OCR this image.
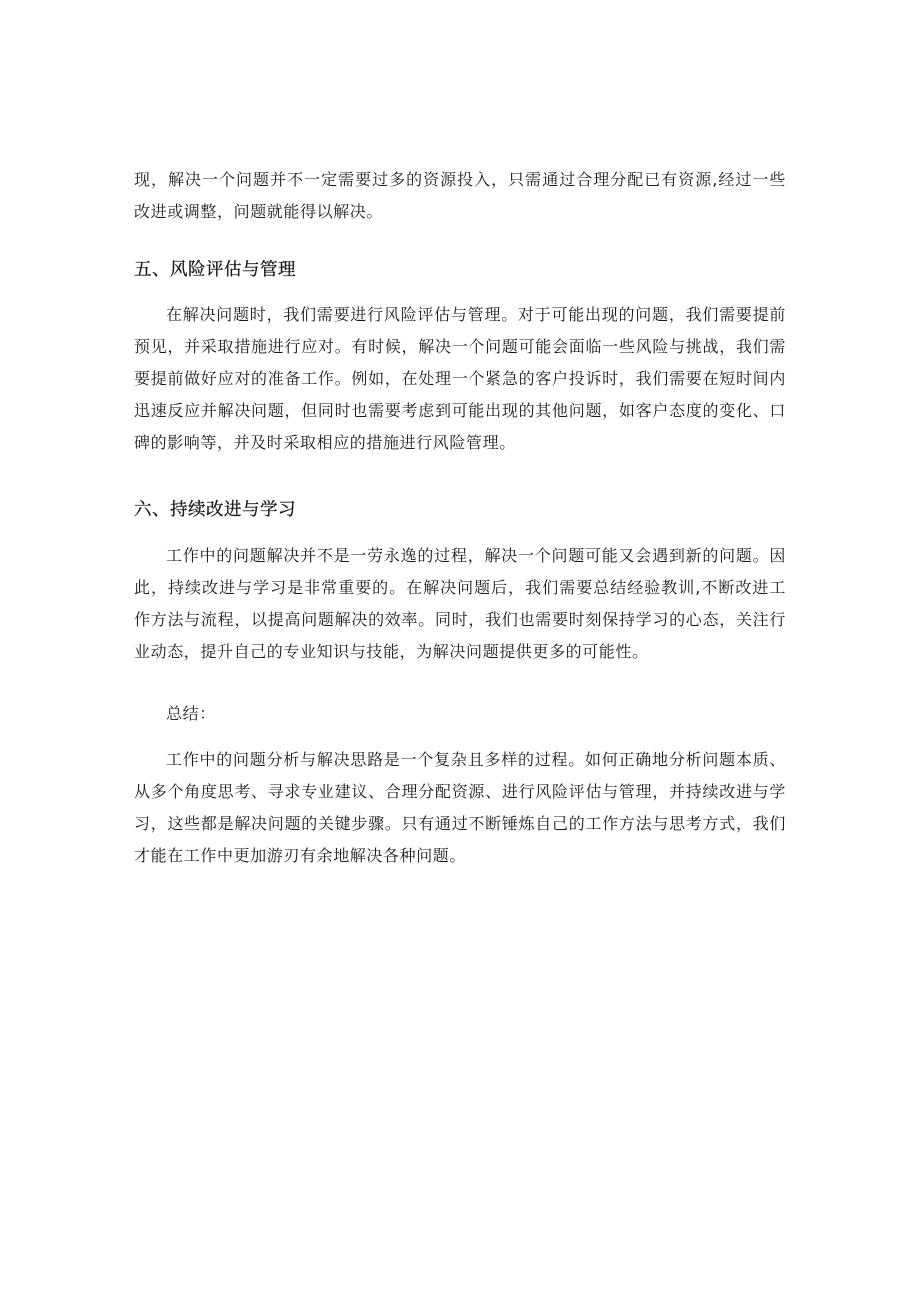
现，解决一个问题并不一定需要过多的资源投入，只需通过合理分配已有资源,经过一些改进或调整，问题就能得以解决。

五、风险评估与管理

在解决问题时，我们需要进行风险评估与管理。对于可能出现的问题，我们需要提前预见，并采取措施进行应对。有时候，解决一个问题可能会面临一些风险与挑战，我们需要提前做好应对的准备工作。例如，在处理一个紧急的客户投诉时，我们需要在短时间内迅速反应并解决问题，但同时也需要考虑到可能出现的其他问题，如客户态度的变化、口碑的影响等，并及时采取相应的措施进行风险管理。

六、持续改进与学习

工作中的问题解决并不是一劳永逸的过程，解决一个问题可能又会遇到新的问题。因此，持续改进与学习是非常重要的。在解决问题后，我们需要总结经验教训,不断改进工作方法与流程，以提高问题解决的效率。同时，我们也需要时刻保持学习的心态，关注行业动态，提升自己的专业知识与技能，为解决问题提供更多的可能性。

总结：

工作中的问题分析与解决思路是一个复杂且多样的过程。如何正确地分析问题本质、从多个角度思考、寻求专业建议、合理分配资源、进行风险评估与管理，并持续改进与学习，这些都是解决问题的关键步骤。只有通过不断锤炼自己的工作方法与思考方式，我们才能在工作中更加游刃有余地解决各种问题。
